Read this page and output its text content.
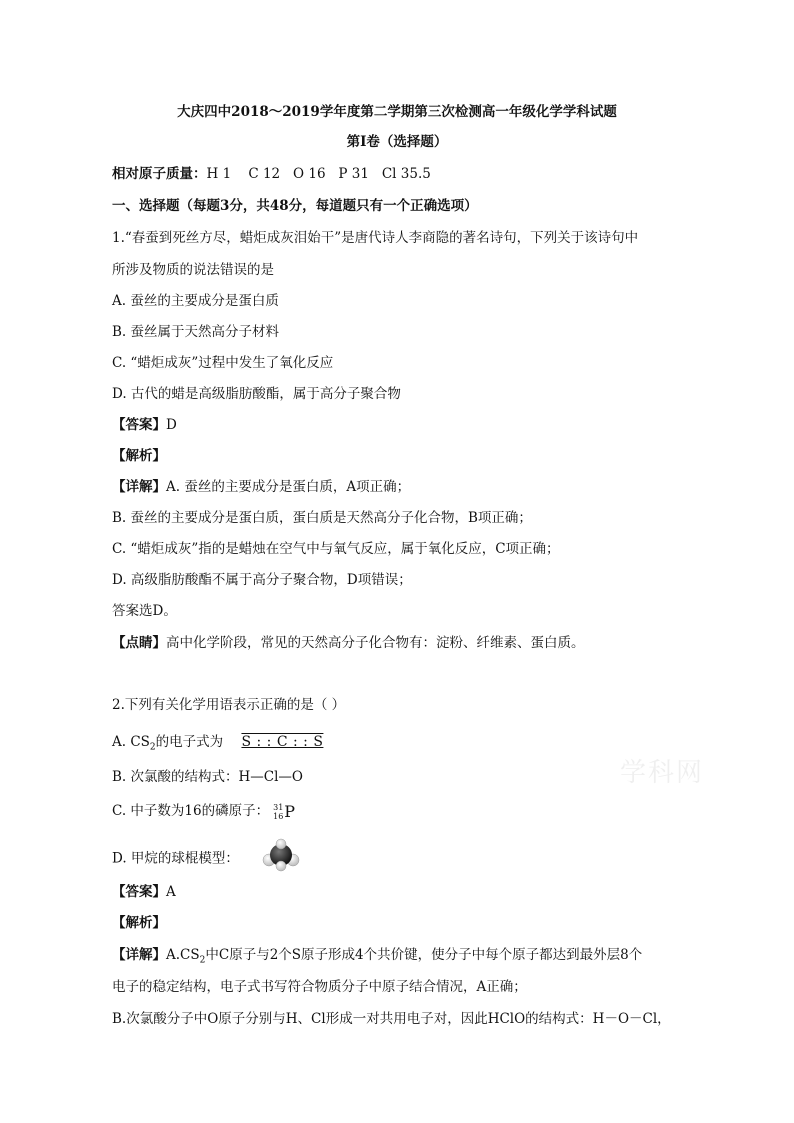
大庆四中2018～2019学年度第二学期第三次检测高一年级化学学科试题
第Ⅰ卷（选择题）
相对原子质量：H 1    C 12   O 16   P 31   Cl 35.5
一、选择题（每题3分，共48分，每道题只有一个正确选项）
1.“春蚕到死丝方尽，蜡炬成灰泪始干”是唐代诗人李商隐的著名诗句，下列关于该诗句中
所涉及物质的说法错误的是
A. 蚕丝的主要成分是蛋白质
B. 蚕丝属于天然高分子材料
C. “蜡炬成灰”过程中发生了氧化反应
D. 古代的蜡是高级脂肪酸酯，属于高分子聚合物
【答案】D
【解析】
【详解】A. 蚕丝的主要成分是蛋白质，A项正确；
B. 蚕丝的主要成分是蛋白质，蛋白质是天然高分子化合物，B项正确；
C. “蜡炬成灰”指的是蜡烛在空气中与氧气反应，属于氧化反应，C项正确；
D. 高级脂肪酸酯不属于高分子聚合物，D项错误；
答案选D。
【点睛】高中化学阶段，常见的天然高分子化合物有：淀粉、纤维素、蛋白质。
2.下列有关化学用语表示正确的是（ ）
A. $CS_2$的电子式为 S : : C : : S
B. 次氯酸的结构式：H—Cl—O
C. 中子数为16的磷原子： 31
16 P
D. 甲烷的球棍模型：
【答案】A
【解析】
【详解】$A.CS_2$中C原子与2个S原子形成4个共价键，使分子中每个原子都达到最外层8个
电子的稳定结构，电子式书写符合物质分子中原子结合情况，A正确；
B.次氯酸分子中O原子分别与H、Cl形成一对共用电子对，因此HClO的结构式：H－O－Cl，
学科网
